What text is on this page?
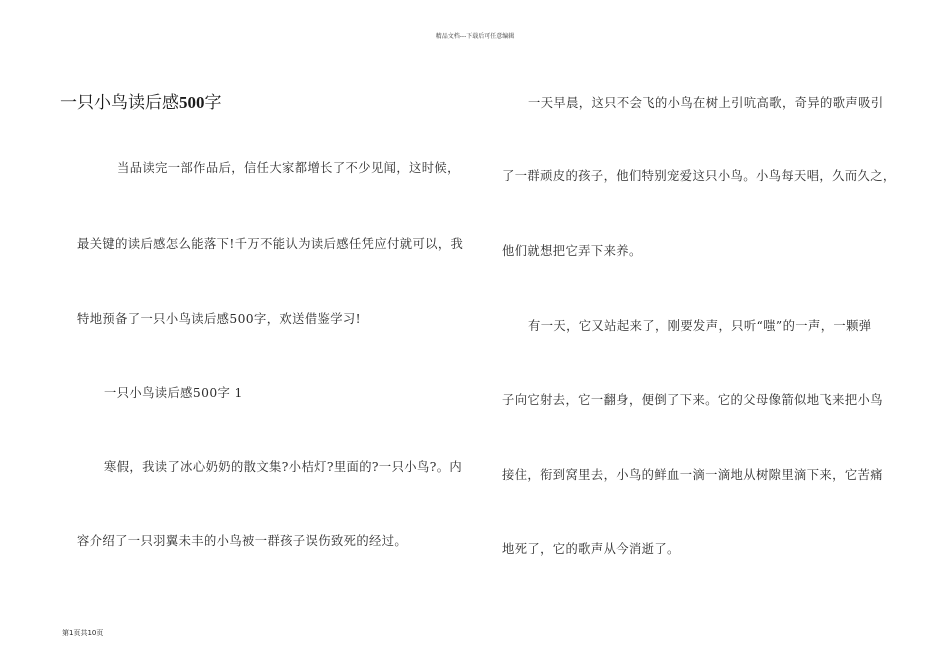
精品文档---下载后可任意编辑
一只小鸟读后感500字
当品读完一部作品后，信任大家都增长了不少见闻，这时候，
最关键的读后感怎么能落下!千万不能认为读后感任凭应付就可以，我
特地预备了一只小鸟读后感500字，欢送借鉴学习!
一只小鸟读后感500字 1
寒假，我读了冰心奶奶的散文集?小桔灯?里面的?一只小鸟?。内
容介绍了一只羽翼未丰的小鸟被一群孩子误伤致死的经过。
一天早晨，这只不会飞的小鸟在树上引吭高歌，奇异的歌声吸引
了一群顽皮的孩子，他们特别宠爱这只小鸟。小鸟每天唱，久而久之，
他们就想把它弄下来养。
有一天，它又站起来了，刚要发声，只听“嗤”的一声，一颗弹
子向它射去，它一翻身，便倒了下来。它的父母像箭似地飞来把小鸟
接住，衔到窝里去，小鸟的鲜血一滴一滴地从树隙里滴下来，它苦痛
地死了，它的歌声从今消逝了。
第1页共10页
